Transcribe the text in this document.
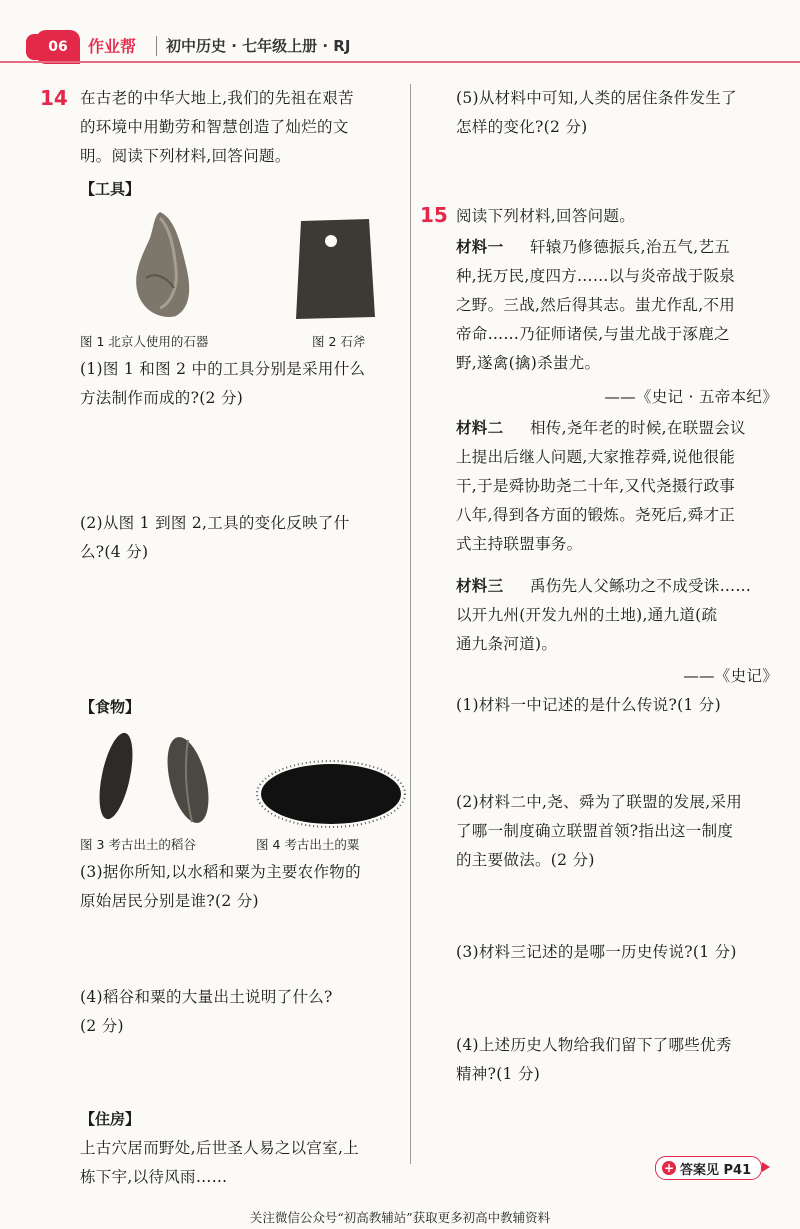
06	作业帮 初中历史 · 七年级上册 · RJ
14 在古老的中华大地上,我们的先祖在艰苦
的环境中用勤劳和智慧创造了灿烂的文
明。阅读下列材料,回答问题。
【工具】
图 1 北京人使用的石器	图 2 石斧
(1)图 1 和图 2 中的工具分别是采用什么
方法制作而成的?(2 分)
(2)从图 1 到图 2,工具的变化反映了什
么?(4 分)
【食物】
图 3 考古出土的稻谷	图 4 考古出土的粟
(3)据你所知,以水稻和粟为主要农作物的
原始居民分别是谁?(2 分)
(4)稻谷和粟的大量出土说明了什么?
(2 分)
【住房】
上古穴居而野处,后世圣人易之以宫室,上
栋下宇,以待风雨……
(5)从材料中可知,人类的居住条件发生了
怎样的变化?(2 分)
15 阅读下列材料,回答问题。
材料一 轩辕乃修德振兵,治五气,艺五
种,抚万民,度四方……以与炎帝战于阪泉
之野。三战,然后得其志。蚩尤作乱,不用
帝命……乃征师诸侯,与蚩尤战于涿鹿之
野,遂禽(擒)杀蚩尤。
——《史记 · 五帝本纪》
材料二 相传,尧年老的时候,在联盟会议
上提出后继人问题,大家推荐舜,说他很能
干,于是舜协助尧二十年,又代尧摄行政事
八年,得到各方面的锻炼。尧死后,舜才正
式主持联盟事务。
材料三 禹伤先人父鲧功之不成受诛……
以开九州(开发九州的土地),通九道(疏
通九条河道)。
——《史记》
(1)材料一中记述的是什么传说?(1 分)
(2)材料二中,尧、舜为了联盟的发展,采用
了哪一制度确立联盟首领?指出这一制度
的主要做法。(2 分)
(3)材料三记述的是哪一历史传说?(1 分)
(4)上述历史人物给我们留下了哪些优秀
精神?(1 分)
+ 答案见 P41
关注微信公众号“初高教辅站”获取更多初高中教辅资料
